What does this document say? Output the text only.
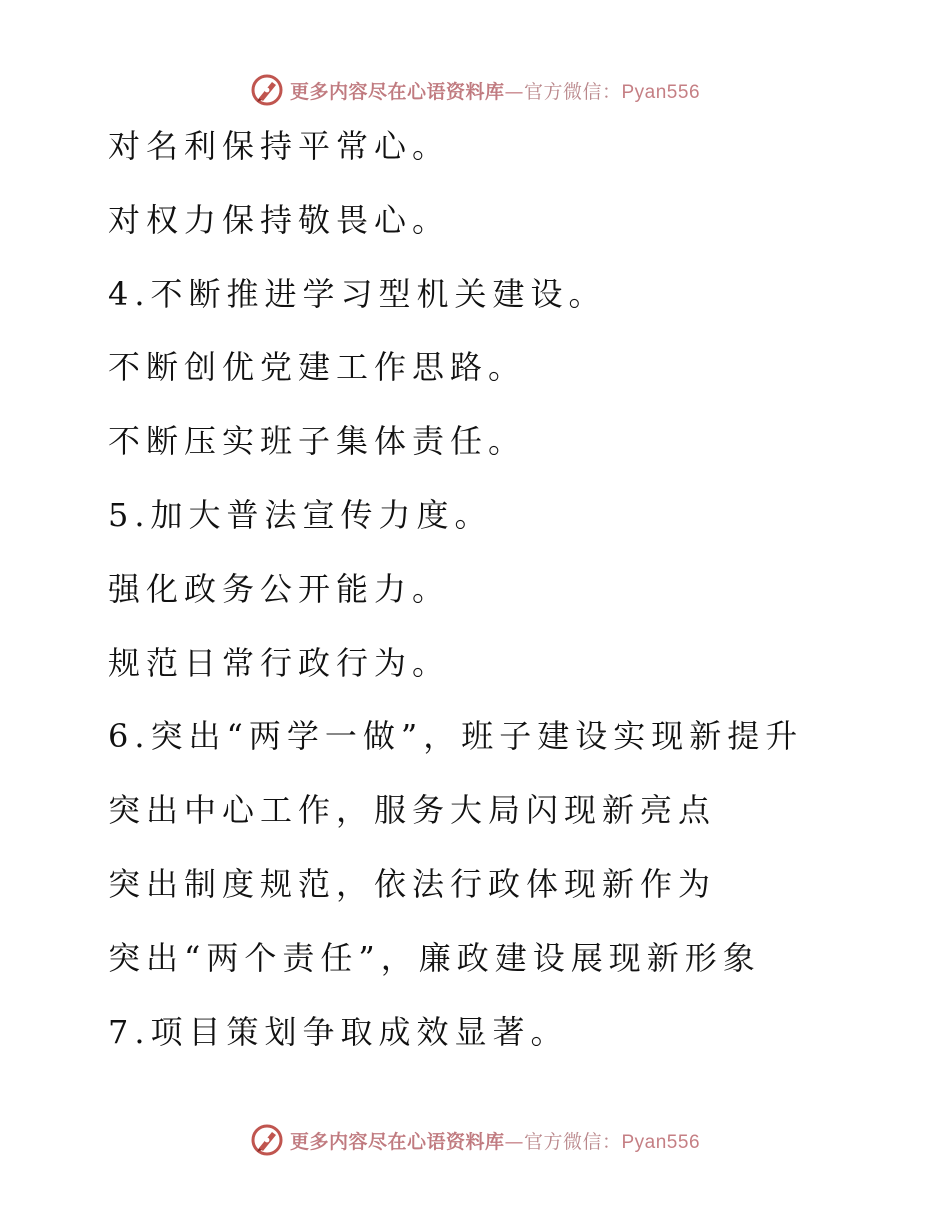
更多内容尽在心语资料库—官方微信：Pyan556
对名利保持平常心。
对权力保持敬畏心。
4.不断推进学习型机关建设。
不断创优党建工作思路。
不断压实班子集体责任。
5.加大普法宣传力度。
强化政务公开能力。
规范日常行政行为。
6.突出“两学一做”，班子建设实现新提升
突出中心工作，服务大局闪现新亮点
突出制度规范，依法行政体现新作为
突出“两个责任”，廉政建设展现新形象
7.项目策划争取成效显著。
更多内容尽在心语资料库—官方微信：Pyan556
